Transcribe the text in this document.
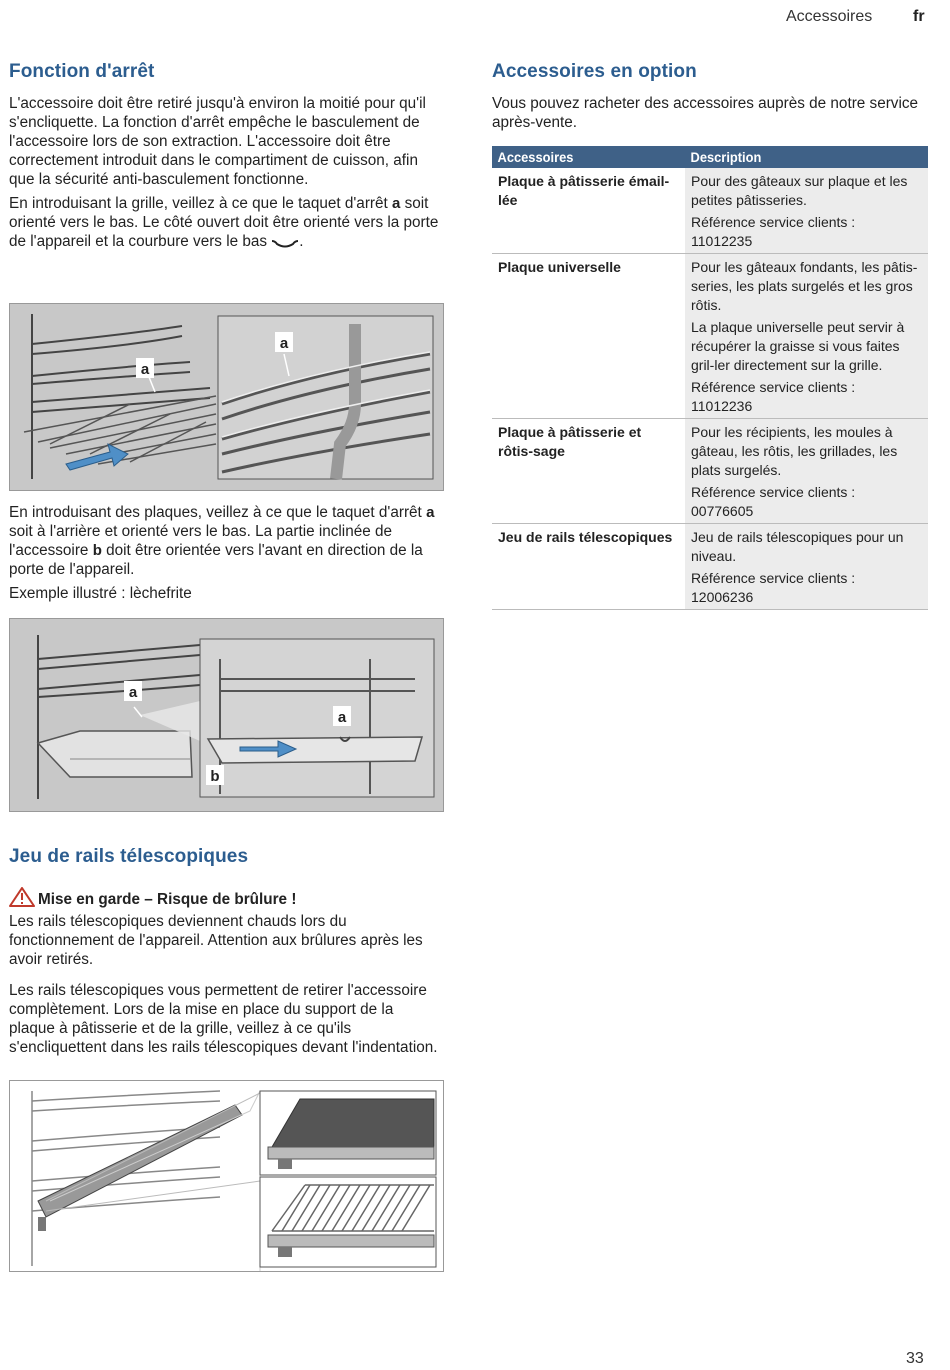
Accessoires	fr
Fonction d'arrêt

L'accessoire doit être retiré jusqu'à environ la moitié pour qu'il s'encliquette. La fonction d'arrêt empêche le basculement de l'accessoire lors de son extraction. L'accessoire doit être correctement introduit dans le compartiment de cuisson, afin que la sécurité anti-basculement fonctionne.

En introduisant la grille, veillez à ce que le taquet d'arrêt a soit orienté vers le bas. Le côté ouvert doit être orienté vers la porte de l'appareil et la courbure vers le bas .

a
a

En introduisant des plaques, veillez à ce que le taquet d'arrêt a soit à l'arrière et orienté vers le bas. La partie inclinée de l'accessoire b doit être orientée vers l'avant en direction de la porte de l'appareil.

Exemple illustré : lèchefrite

a
a
b
Jeu de rails télescopiques
Mise en garde – Risque de brûlure !

Les rails télescopiques deviennent chauds lors du fonctionnement de l'appareil. Attention aux brûlures après les avoir retirés.

Les rails télescopiques vous permettent de retirer l'accessoire complètement. Lors de la mise en place du support de la plaque à pâtisserie et de la grille, veillez à ce qu'ils s'encliquettent dans les rails télescopiques devant l'indentation.

Accessoires en option

Vous pouvez racheter des accessoires auprès de notre service après-vente.

Accessoires	Description
Plaque à pâtisserie émail-lée	Pour des gâteaux sur plaque et les petites pâtisseries.
Référence service clients :
11012235

Plaque universelle	Pour les gâteaux fondants, les pâtis-series, les plats surgelés et les gros rôtis.
La plaque universelle peut servir à récupérer la graisse si vous faites gril-ler directement sur la grille.
Référence service clients :
11012236

Plaque à pâtisserie et rôtis-sage	Pour les récipients, les moules à gâteau, les rôtis, les grillades, les plats surgelés.
Référence service clients :
00776605

Jeu de rails télescopiques	Jeu de rails télescopiques pour un niveau.
Référence service clients :
12006236
33
